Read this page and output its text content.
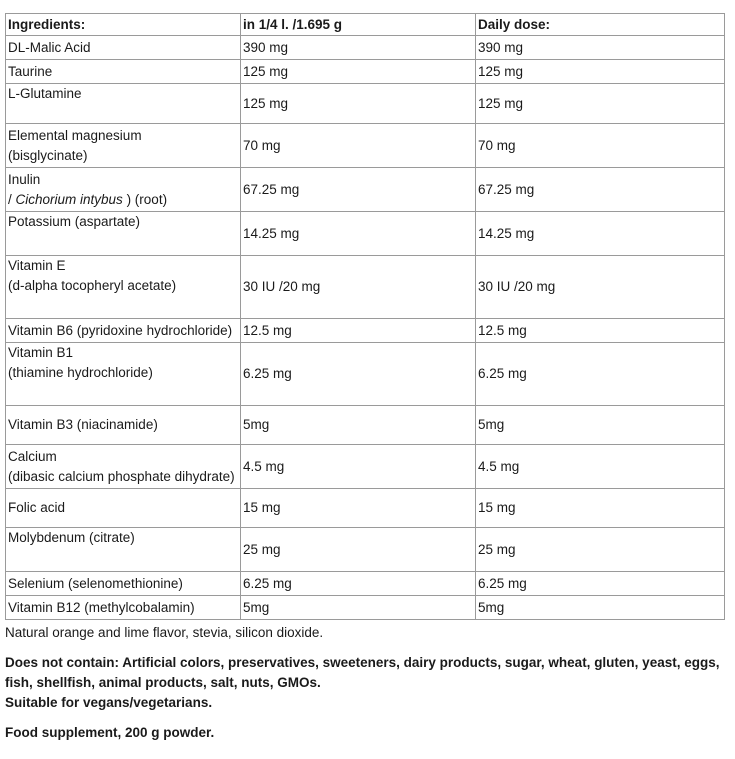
Ingredients:	in 1/4 l. /1.695 g	Daily dose:
DL-Malic Acid	390 mg	390 mg
Taurine	125 mg	125 mg
L-Glutamine	125 mg	125 mg

Elemental magnesium
(bisglycinate)	70 mg	70 mg

Inulin
/ Cichorium intybus ) (root)	67.25 mg	67.25 mg
Potassium (aspartate)	14.25 mg	14.25 mg

Vitamin E
(d-alpha tocopheryl acetate)	30 IU /20 mg	30 IU /20 mg
Vitamin B6 (pyridoxine hydrochloride)	12.5 mg	12.5 mg

Vitamin B1
(thiamine hydrochloride)	6.25 mg	6.25 mg
Vitamin B3 (niacinamide)	5mg	5mg

Calcium
(dibasic calcium phosphate dihydrate)	4.5 mg	4.5 mg
Folic acid	15 mg	15 mg
Molybdenum (citrate)	25 mg	25 mg
Selenium (selenomethionine)	6.25 mg	6.25 mg
Vitamin B12 (methylcobalamin)	5mg	5mg
Natural orange and lime flavor, stevia, silicon dioxide.
Does not contain: Artificial colors, preservatives, sweeteners, dairy products, sugar, wheat, gluten, yeast, eggs, fish, shellfish, animal products, salt, nuts, GMOs.
Suitable for vegans/vegetarians.
Food supplement, 200 g powder.
